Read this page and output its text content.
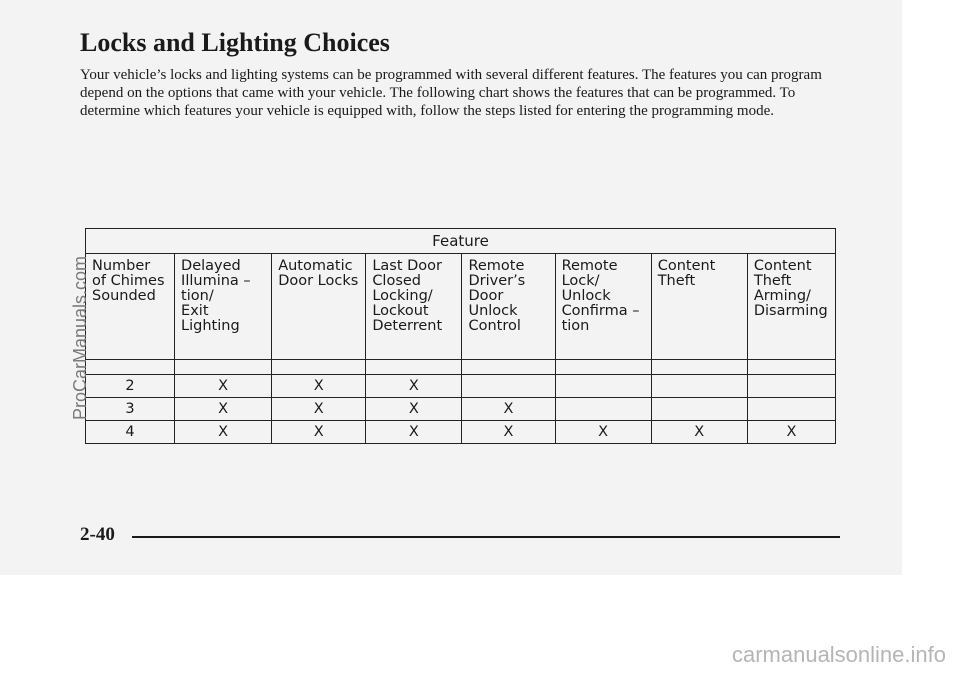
Locks and Lighting Choices

Your vehicle’s locks and lighting systems can be programmed with several different features. The features you can program depend on the options that came with your vehicle. The following chart shows the features that can be programmed. To determine which features your vehicle is equipped with, follow the steps listed for entering the programming mode.

Feature							
Number
of Chimes
Sounded	Delayed
Illumina –
tion/
Exit
Lighting	Automatic
Door Locks	Last Door
Closed
Locking/
Lockout
Deterrent	Remote
Driver’s
Door
Unlock
Control	Remote
Lock/
Unlock
Confirma –
tion	Content
Theft	Content
Theft
Arming/
Disarming

2	X	X	X				
3	X	X	X	X			
4	X	X	X	X	X	X	X
2-40
ProCarManuals.com
carmanualsonline.info
